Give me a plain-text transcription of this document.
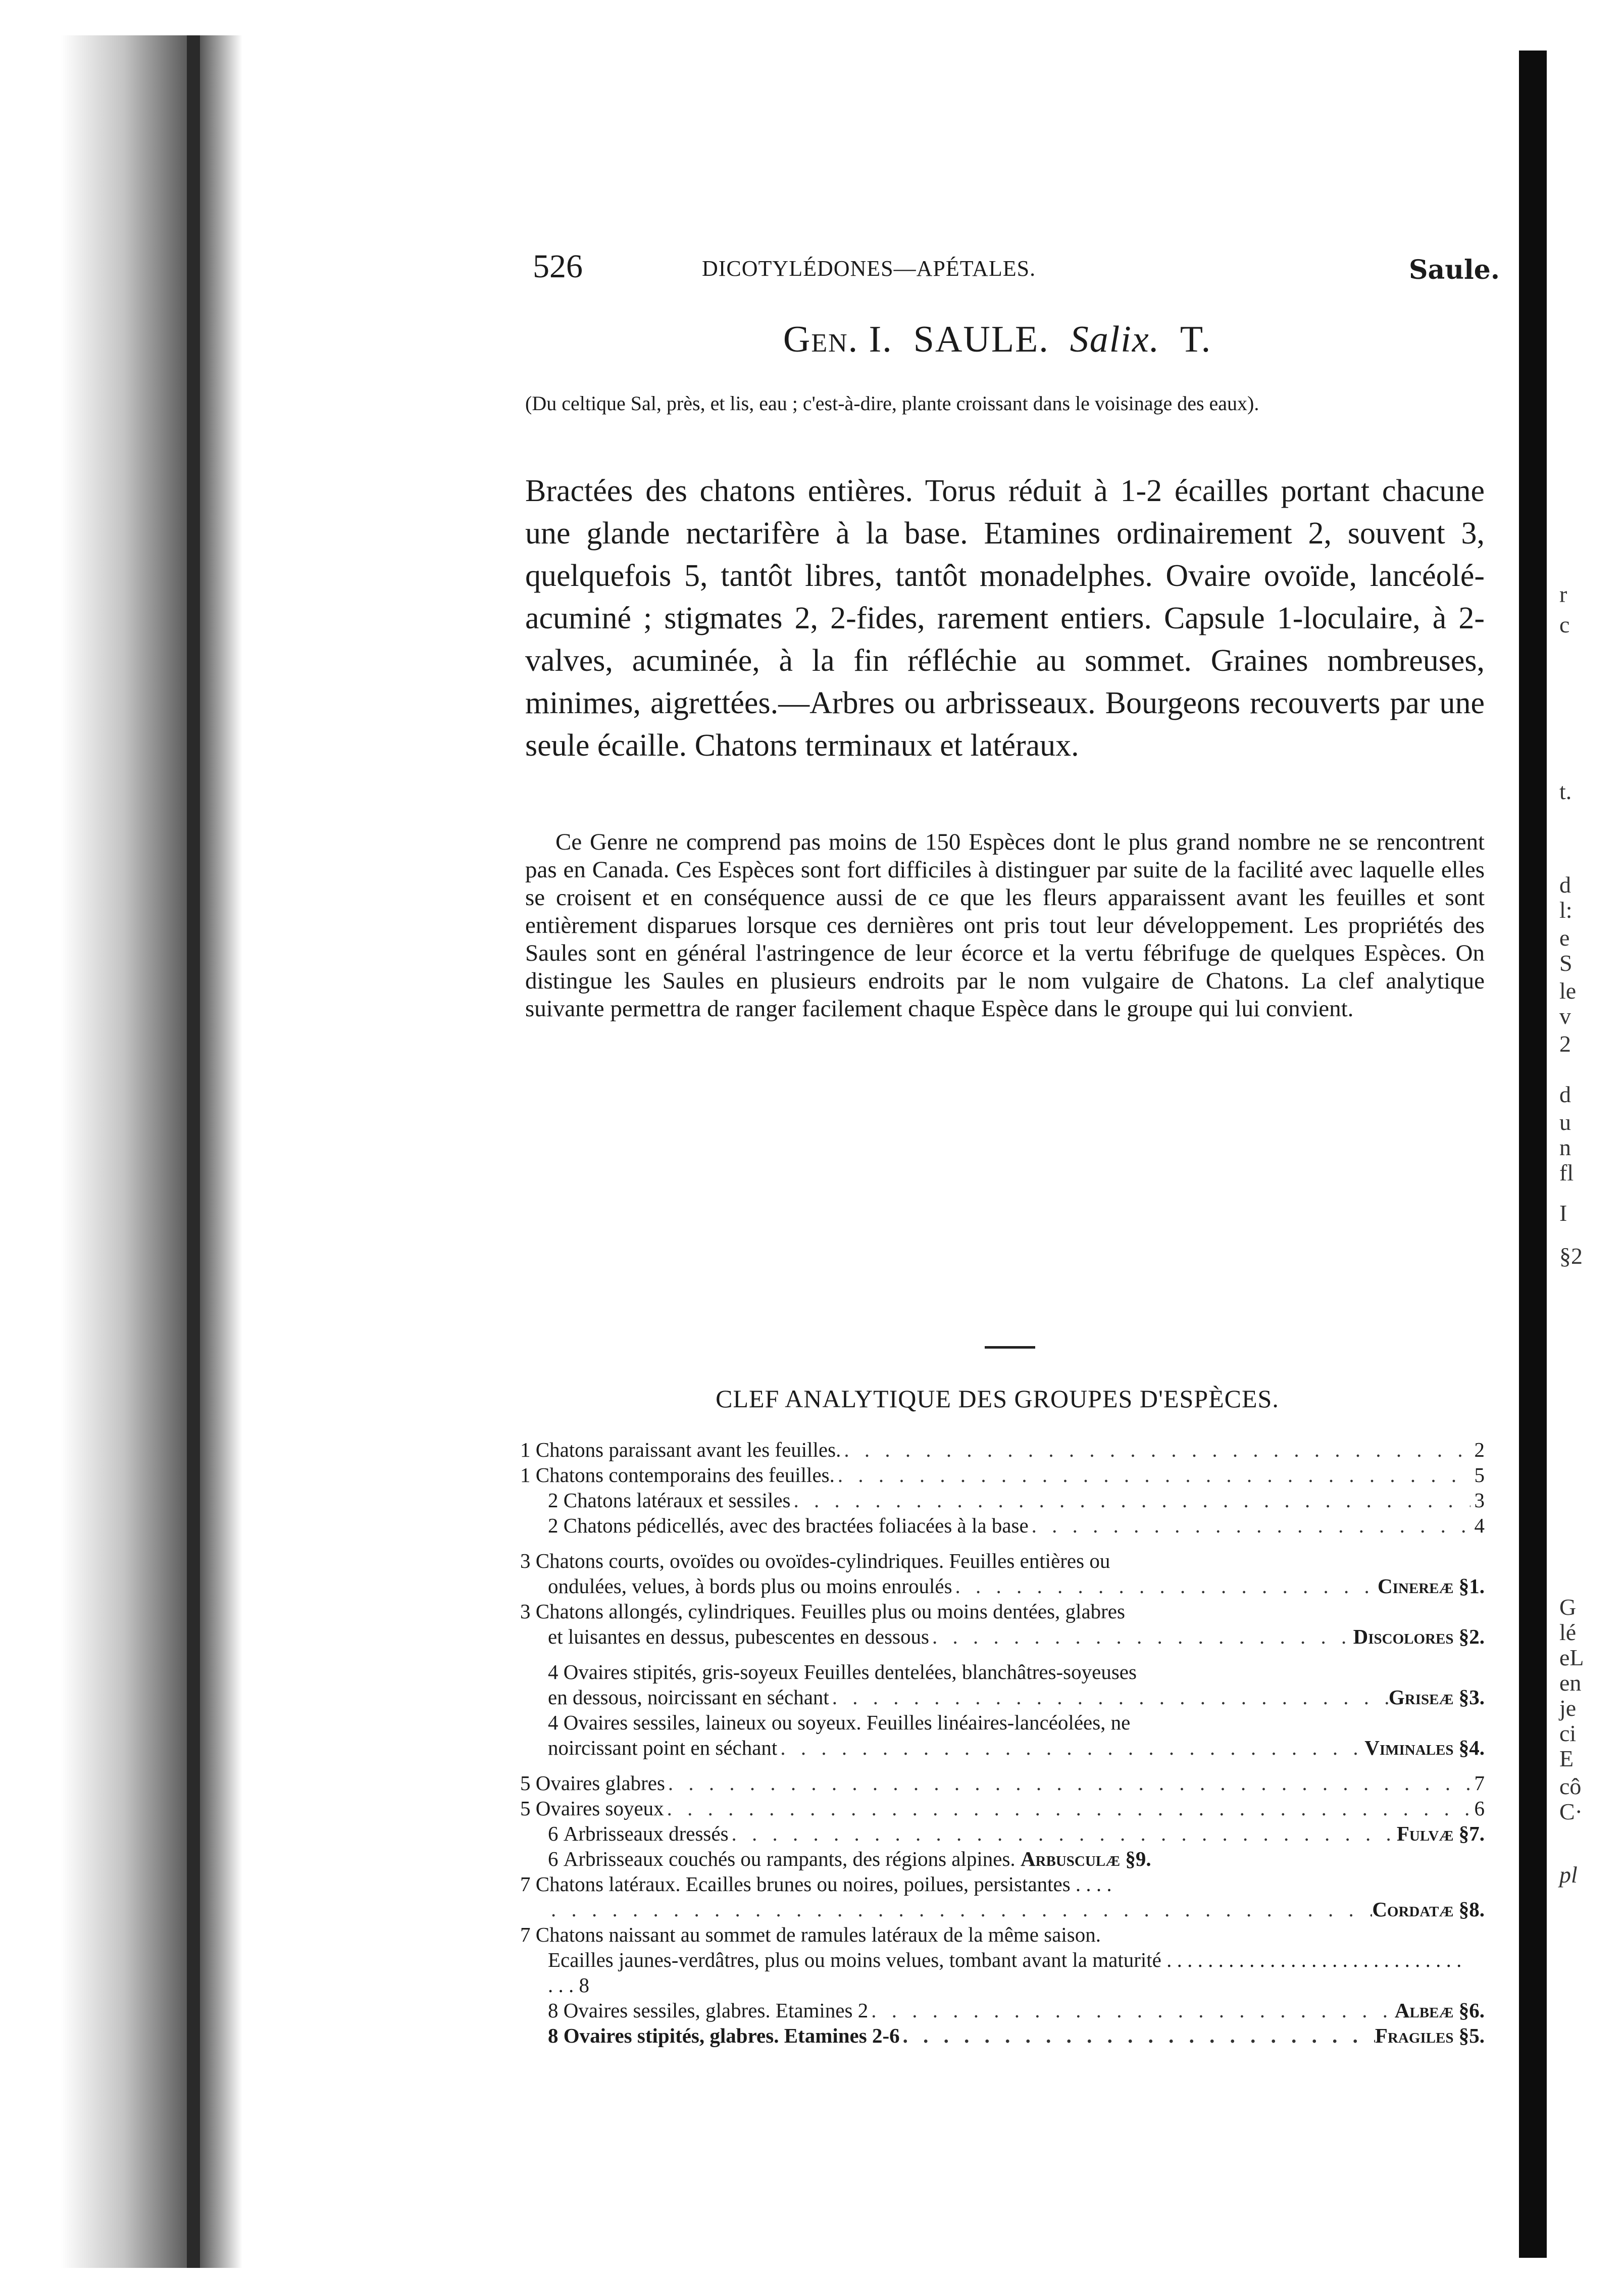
r
c
t.
d
l:
e
S
le
v
2
d
u
n
fl
I
§2
G
lé
eL
en
je
ci
E
cô
C·
pl
526	DICOTYLÉDONES—APÉTALES.	Saule.
Gen. I. SAULE. Salix. T.
(Du celtique Sal, près, et lis, eau ; c'est-à-dire, plante croissant dans le voisinage des eaux).
Bractées des chatons entières. Torus réduit à 1-2 écailles portant chacune une glande nectarifère à la base. Etamines ordinairement 2, souvent 3, quelquefois 5, tantôt libres, tantôt monadelphes. Ovaire ovoïde, lancéolé-acuminé ; stigmates 2, 2-fides, rarement entiers. Capsule 1-loculaire, à 2-valves, acuminée, à la fin réfléchie au sommet. Graines nombreuses, minimes, aigrettées.—Arbres ou arbrisseaux. Bourgeons recouverts par une seule écaille. Chatons terminaux et latéraux.
Ce Genre ne comprend pas moins de 150 Espèces dont le plus grand nombre ne se rencontrent pas en Canada. Ces Espèces sont fort difficiles à distinguer par suite de la facilité avec laquelle elles se croisent et en conséquence aussi de ce que les fleurs apparaissent avant les feuilles et sont entièrement disparues lorsque ces dernières ont pris tout leur développement. Les propriétés des Saules sont en général l'astringence de leur écorce et la vertu fébrifuge de quelques Espèces. On distingue les Saules en plusieurs endroits par le nom vulgaire de Chatons. La clef analytique suivante permettra de ranger facilement chaque Espèce dans le groupe qui lui convient.
CLEF ANALYTIQUE DES GROUPES D'ESPÈCES.
1
Chatons paraissant avant les feuilles. . . .	2
1
Chatons contemporains des feuilles. . . .	5
2
Chatons latéraux et sessiles . . .	3
2
Chatons pédicellés, avec des bractées foliacées à la base . . .	4
3
Chatons courts, ovoïdes ou ovoïdes-cylindriques. Feuilles entières ou
ondulées, velues, à bords plus ou moins enroulés . . .	Cinereæ §1.
3
Chatons allongés, cylindriques. Feuilles plus ou moins dentées, glabres
et luisantes en dessus, pubescentes en dessous . . .	Discolores §2.
4
Ovaires stipités, gris-soyeux Feuilles dentelées, blanchâtres-soyeuses
en dessous, noircissant en séchant . . .	Griseæ §3.
4
Ovaires sessiles, laineux ou soyeux. Feuilles linéaires-lancéolées, ne
noircissant point en séchant . . .	Viminales §4.
5
Ovaires glabres . . .	7
5
Ovaires soyeux . . .	6
6
Arbrisseaux dressés . . .	Fulvæ §7.
6
Arbrisseaux couchés ou rampants, des régions alpines.
Arbusculæ §9.
7
Chatons latéraux. Ecailles brunes ou noires, poilues, persistantes . . . .
. . .
Cordatæ §8.
7
Chatons naissant au sommet de ramules latéraux de la même saison.
Ecailles jaunes-verdâtres, plus ou moins velues, tombant avant la maturité . . . . . . . . . . . . . . . . . . . . . . . . . . . . . . . . 8
8
Ovaires sessiles, glabres. Etamines 2 . . .	Albeæ §6.
8
Ovaires stipités, glabres. Etamines 2-6 . . .	Fragiles §5.
